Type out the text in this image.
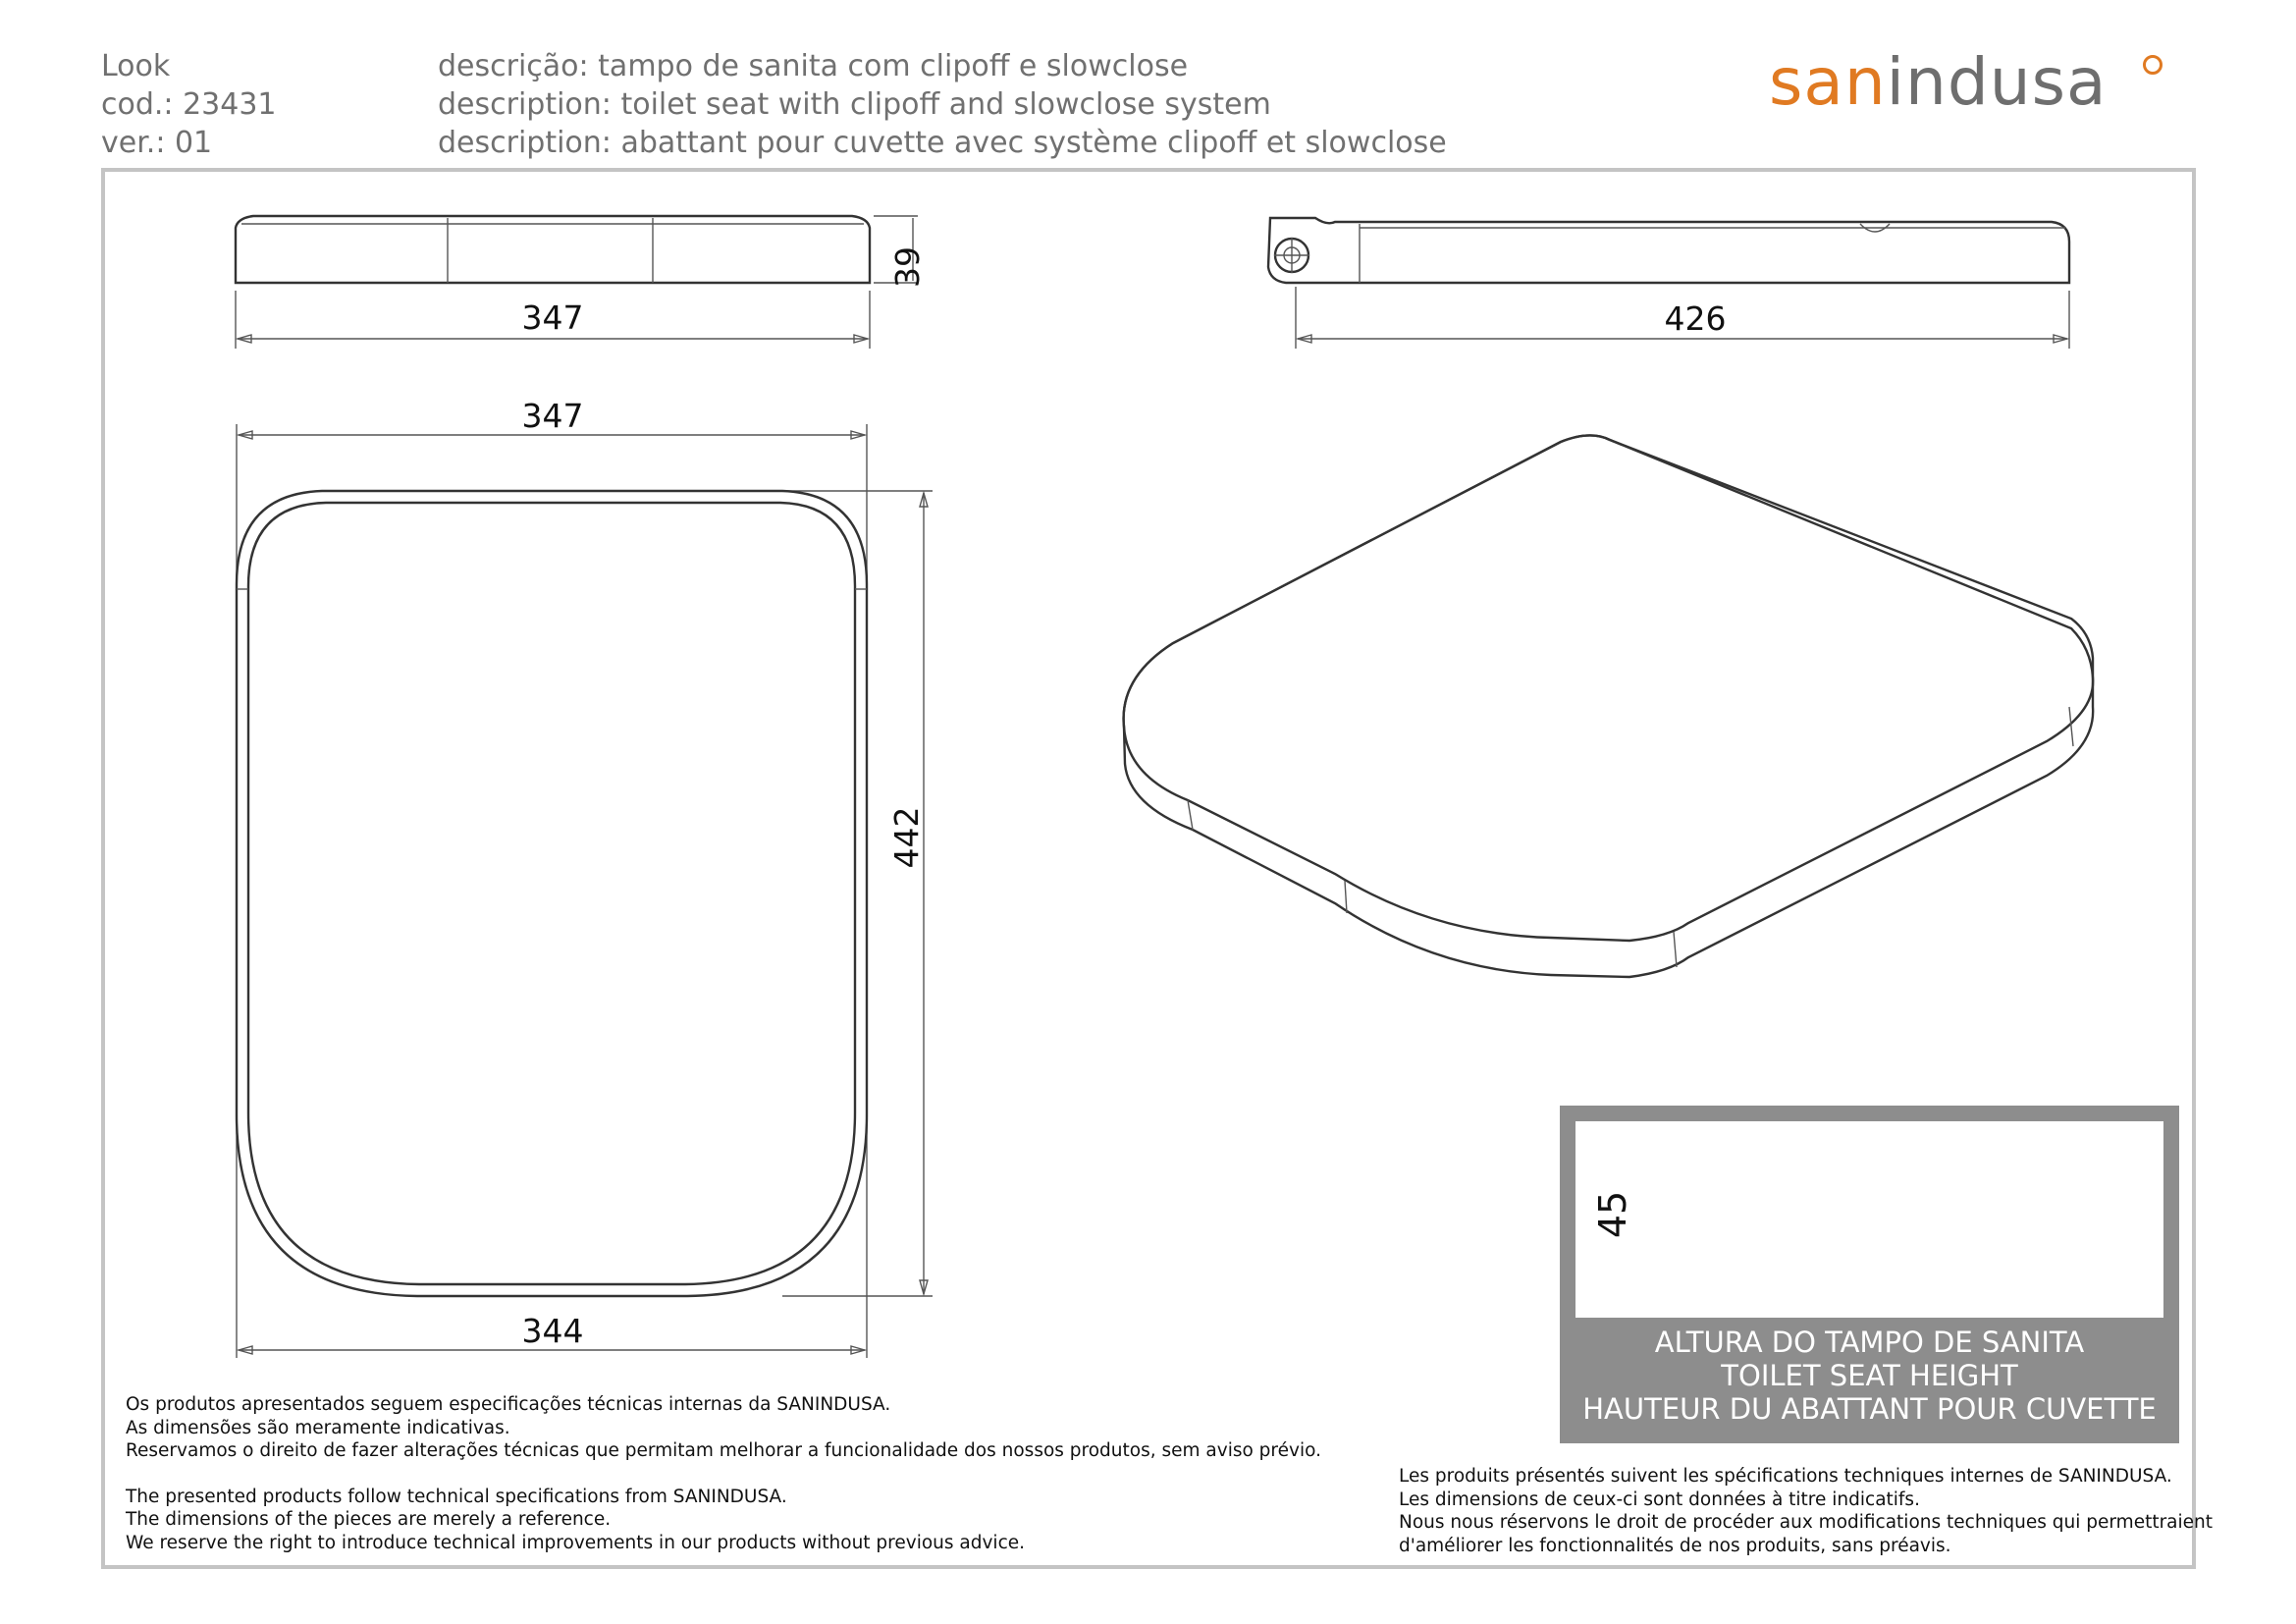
Look
cod.: 23431
ver.: 01
descrição: tampo de sanita com clipoff e slowclose
description: toilet seat with clipoff and slowclose system
description: abattant pour cuvette avec système clipoff et slowclose
sanindusa
39
347	426
347
442
344	ALTURA DO TAMPO DE SANITA
TOILET SEAT HEIGHT
HAUTEUR DU ABATTANT POUR CUVETTE
45
Os produtos apresentados seguem especificações técnicas internas da SANINDUSA.
As dimensões são meramente indicativas.
Reservamos o direito de fazer alterações técnicas que permitam melhorar a funcionalidade dos nossos produtos, sem aviso prévio.
The presented products follow technical specifications from SANINDUSA.
The dimensions of the pieces are merely a reference.
We reserve the right to introduce technical improvements in our products without previous advice.
Les produits présentés suivent les spécifications techniques internes de SANINDUSA.
Les dimensions de ceux-ci sont données à titre indicatifs.
Nous nous réservons le droit de procéder aux modifications techniques qui permettraient
d'améliorer les fonctionnalités de nos produits, sans préavis.
